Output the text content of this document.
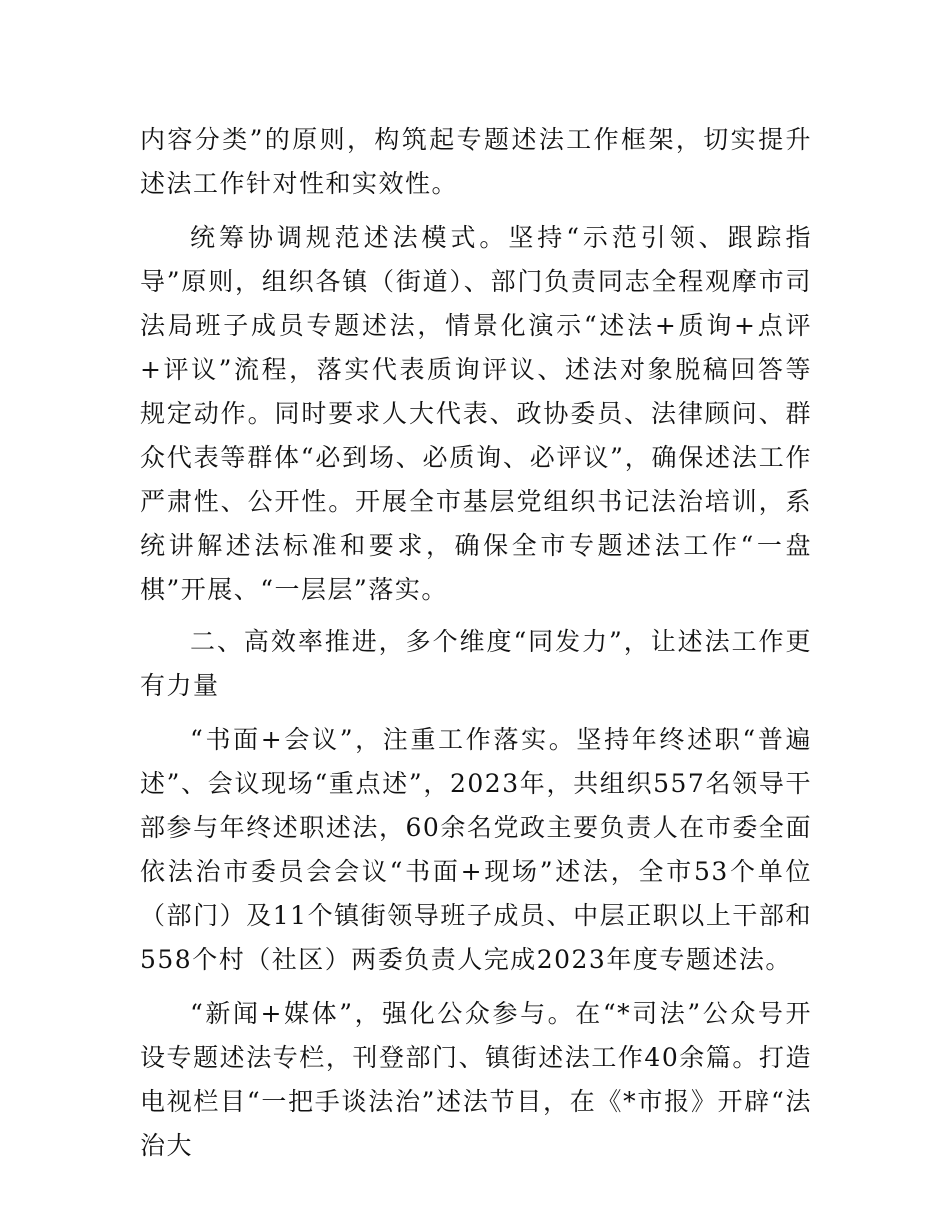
内容分类”的原则，构筑起专题述法工作框架，切实提升述法工作针对性和实效性。

统筹协调规范述法模式。坚持“示范引领、跟踪指导”原则，组织各镇（街道）、部门负责同志全程观摩市司法局班子成员专题述法，情景化演示“述法+质询+点评+评议”流程，落实代表质询评议、述法对象脱稿回答等规定动作。同时要求人大代表、政协委员、法律顾问、群众代表等群体“必到场、必质询、必评议”，确保述法工作严肃性、公开性。开展全市基层党组织书记法治培训，系统讲解述法标准和要求，确保全市专题述法工作“一盘棋”开展、“一层层”落实。

二、高效率推进，多个维度“同发力”，让述法工作更有力量

“书面+会议”，注重工作落实。坚持年终述职“普遍述”、会议现场“重点述”，2023年，共组织557名领导干部参与年终述职述法，60余名党政主要负责人在市委全面依法治市委员会会议“书面+现场”述法，全市53个单位（部门）及11个镇街领导班子成员、中层正职以上干部和558个村（社区）两委负责人完成2023年度专题述法。

“新闻+媒体”，强化公众参与。在“*司法”公众号开设专题述法专栏，刊登部门、镇街述法工作40余篇。打造电视栏目“一把手谈法治”述法节目，在《*市报》开辟“法治大
